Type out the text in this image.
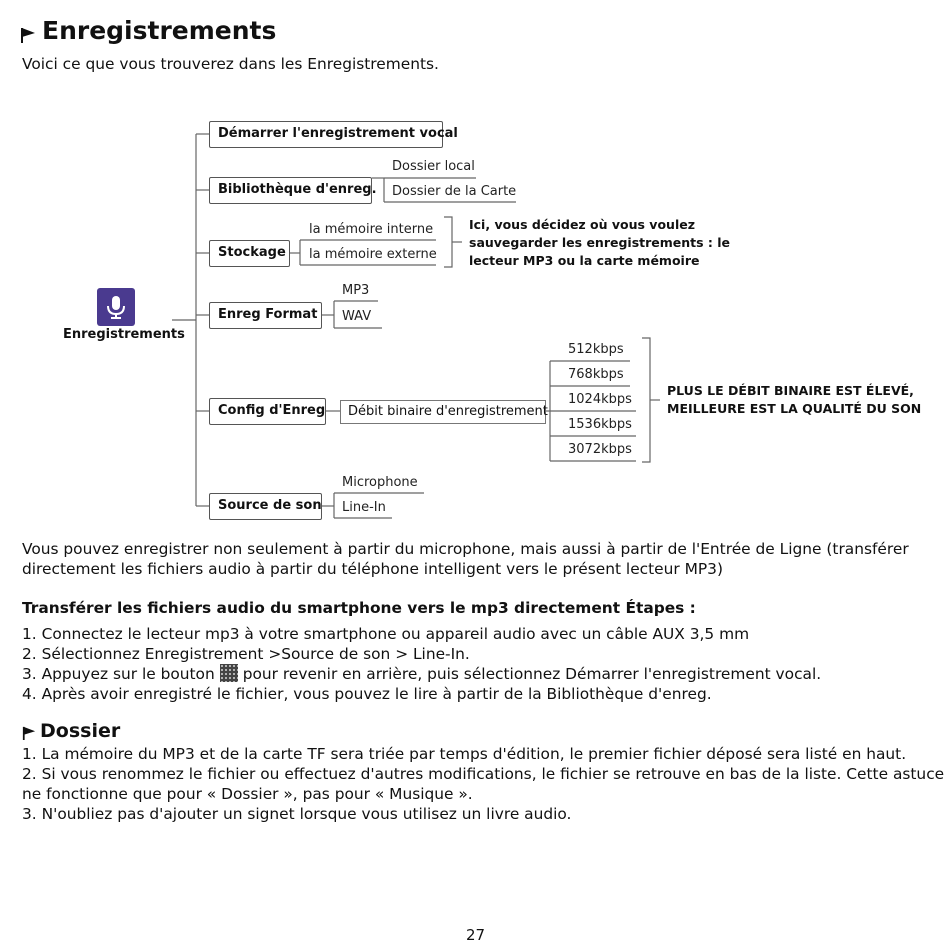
Enregistrements
Voici ce que vous trouverez dans les Enregistrements.
Enregistrements
Démarrer l'enregistrement vocal
Bibliothèque d'enreg.
Stockage
Enreg Format
Config d'Enreg
Source de son
Dossier local
Dossier de la Carte
la mémoire interne
la mémoire externe
Ici, vous décidez où vous voulez
sauvegarder les enregistrements : le
lecteur MP3 ou la carte mémoire
MP3
WAV
Débit binaire d'enregistrement
512kbps
768kbps
1024kbps
1536kbps
3072kbps
PLUS LE DÉBIT BINAIRE EST ÉLEVÉ,
MEILLEURE EST LA QUALITÉ DU SON
Microphone
Line-In
Vous pouvez enregistrer non seulement à partir du microphone, mais aussi à partir de l'Entrée de Ligne (transférer
directement les fichiers audio à partir du téléphone intelligent vers le présent lecteur MP3)
Transférer les fichiers audio du smartphone vers le mp3 directement Étapes :
1. Connectez le lecteur mp3 à votre smartphone ou appareil audio avec un câble AUX 3,5 mm
2. Sélectionnez Enregistrement >Source de son > Line-In.
3. Appuyez sur le bouton pour revenir en arrière, puis sélectionnez Démarrer l'enregistrement vocal.
4. Après avoir enregistré le fichier, vous pouvez le lire à partir de la Bibliothèque d'enreg.
Dossier
1. La mémoire du MP3 et de la carte TF sera triée par temps d'édition, le premier fichier déposé sera listé en haut.
2. Si vous renommez le fichier ou effectuez d'autres modifications, le fichier se retrouve en bas de la liste. Cette astuce
ne fonctionne que pour « Dossier », pas pour « Musique ».
3. N'oubliez pas d'ajouter un signet lorsque vous utilisez un livre audio.
27
